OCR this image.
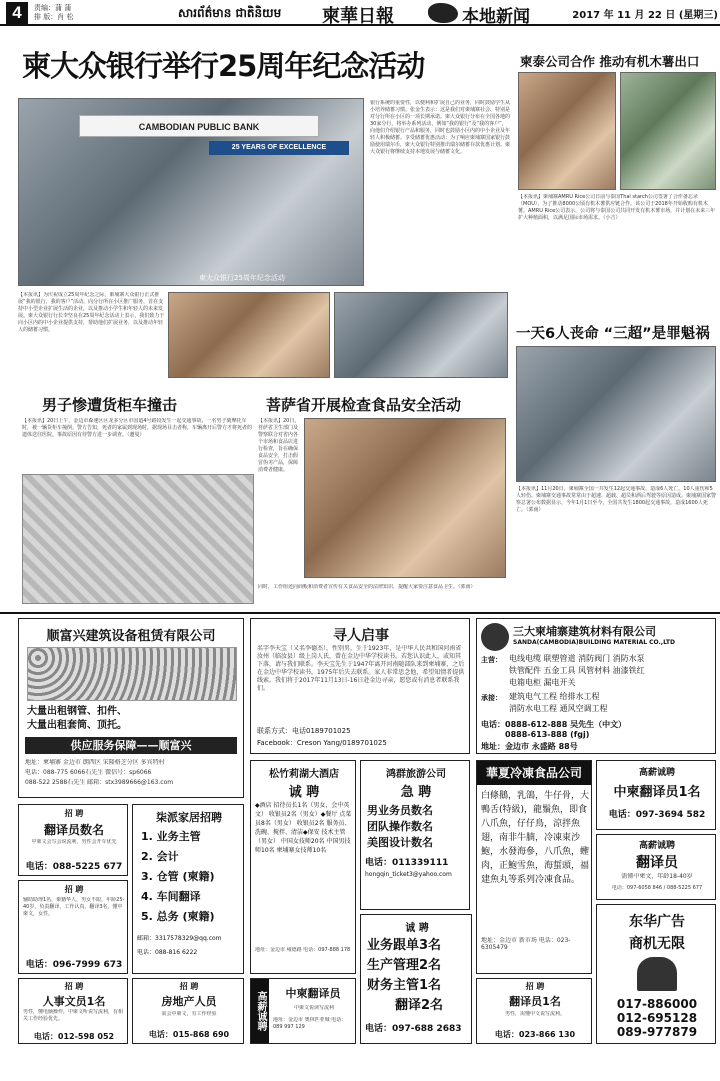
4	责编：蒲 蒲
排 版：肖 松	សារព័ត៌មាន ជាតិនិយម	柬華日報	本地新闻	2017 年 11 月 22 日 (星期三)
柬大众银行举行25周年纪念活动
CAMBODIAN PUBLIC BANK
25 YEARS OF EXCELLENCE
柬大众银行25周年纪念活动
银行系统的重要性，以便利和扩展自己的业务，同时鼓励学生从小培养储蓄习惯。张金生表示：这是我们对柬埔寨社会、特别是对分行所在小区的一项长期承诺。柬大众银行分布在全国各地的30家分行，将举办系列活动，例如“我的银行”及“我的客户”，向他们介绍银行产品和服务，同时也鼓励小区内的中小企业及年轻人积极储蓄。享受储蓄优惠活动：为了响应柬埔寨国家银行鼓励使用瑞尔币，柬大众银行特别推出瑞尔储蓄存款优惠计划。柬大众银行将继续支持本地发展与储蓄文化。
【本报讯】为庆祝成立25周年纪念之际，柬埔寨大众银行正式推展“我的银行，我的客户”活动。向分行所在小区推广服务，首在支持中小型企业扩展生活的企业，以及推动小学生和年轻人的未来发展。柬大众银行行长李坚良在25周年纪念活动上表示，我们致力于向小区内的中小企业提供支持，帮助他们扩展业务，以及推动年轻人的储蓄习惯。
柬泰公司合作 推动有机木薯出口
【本报讯】柬埔寨AMRU Rice公司日前与泰国Thai starch公司签署了合作备忘录（MOU），为了推动8000公顷有机木薯供应链合作。该公司于2018年开始收购有机木薯。AMRU Rice公司表示，公司将与泰国公司共同开发有机木薯市场，并计划在未来三年扩大种植面积，以满足国际市场需求。（小吉）
一天6人丧命 “三超”是罪魁祸
【本报讯】11月20日，柬埔寨全国一共发生12起交通事故，造成6人死亡，10人重伤和5人轻伤。柬埔寨交通事故常常由于超速、超载、超员和酒后驾驶等原因造成。柬埔寨国家警察总署公布数据显示，今年1月1日至今，全国共发生1800起交通事故，造成1600人死亡。（郭南）
男子惨遭货柜车撞击
【本报讯】20日上午，金边市森速区区龙多分区市国道4号路段发生一起交通事故，一名男子骑摩托车时，被一辆货柜车撞倒。警方告知，死者的家属到现场时，据现场目击者称，车辆离开后警方才将死者的遗体送往医院。事故原因有待警方进一步调查。（邀曼）
菩萨省开展检查食品安全活动
【本报讯】20日，菩萨省卫生部门及警察联合对省内各个市场和食品店进行检查，旨在确保食品安全，打击假冒伪劣产品，保障消费者健康。
同时，工作组还向商贩和消费者宣传有关食品安全的法律知识，提醒大家要注意食品卫生。（郭南）
顺富兴建筑设备租赁有限公司
大量出租钢管、扣件、
大量出租套筒、顶托。
供应服务保障——顺富兴
地址：柬埔寨 金边市 朗西区 宋隆格芝分区 多宾特村
电话：088-775 6066石先生 微信号：sp6066
088-522 2588石先生 邮箱：stx3989666@163.com
寻人启事
名字李天宝（又名李德杰），性别男，生于1923年，是中华人民共和国河南省汝州（临汝县）级上岗人氏，曾在金边中华学校读书。若您认识此人，或知其下落，请与我们联系。李天宝先生于1947年离开河南随部队来到柬埔寨，之后在金边中华学校读书，1975年后失去联系。家人非常思念他，希望知情者提供线索。我们将于2017年11月13日-16日赴金边寻亲，愿您或有消息者联系我们。
联系方式：电话0189701025
Facebook：Creson Yang/0189701025
三大柬埔寨建筑材料有限公司
SANDA(CAMBODIA)BUILDING MATERIAL CO.,LTD
主营： 电线电缆 联塑管道 消防阀门 消防水泵
铁管配件 五金工具 风管材料 油漆铁红
电箱电柜 漏电开关
承接： 建筑电气工程 给排水工程
消防水电工程 通风空调工程
电话：0888-612-888 吴先生（中文）
0888-613-888 (fgj)
地址：金边市 永盛路 88号
松竹莉湖大酒店
诚 聘
◆酒店 招待员长1名（男女，会中英文） 收银员2名（男女）◆餐厅 点菜员8名（男女） 收银员2名 服务员、洗碗、搅拌、清洁◆保安 技术主管（男女） 中国女技师20名 中国男技师10名 柬埔寨女技师10名
地址：金边市 雍德路 电话：097-888 178
鸿群旅游公司
急 聘
男业务员数名
团队操作数名
美图设计数名
电话：011339111
hongqin_ticket3@yahoo.com
華夏冷凍食品公司
白條鵝，乳鴿，牛仔骨，大鴨舌(特級)，龍鬚魚，即食八爪魚，仔仔鳥，涼拌魚翅，南非牛腩，冷凍東沙鮑，水發海參，八爪魚，蟶肉，正鮑雪魚，海蜇頭，福建魚丸等系列冷凍食品。
地址：金边市 新市场 电话：023-6305479
高薪诚聘
中柬翻译员1名
电话：097-3694 582
高薪诚聘
翻译员
需懂中柬文，年龄18-40岁
电话：097-6058 846 / 088-5225 677
招 聘
翻译员数名
中柬文会写会说流利，男性会开车优先
电话：088-5225 677
招 聘
辅助助理1名，柬籍华人，男女不限，年龄25-40岁，负责翻译，工作认真。翻译3名，懂中柬文，女性。
电话：096-7999 673
柒派家居招聘
1. 业务主管
2. 会计
3. 仓管 (柬籍)
4. 车间翻译
5. 总务 (柬籍)
邮箱：3317578329@qq.com
电话：088-816 6222
诚 聘
业务跟单3名
生产管理2名
财务主管1名
翻译2名
电话：097-688 2683
东华广告
商机无限
017-886000
012-695128
089-977879
招 聘
人事文员1名
男性，懂电脑操作，中柬文听说写流利，有相关工作经验优先。
电话：012-598 052
招 聘
房地产人员
需会中柬文，有工作经验
电话：015-868 690
高薪诚聘	中柬翻译员
中柬文说读写流利
地址：金边市 奥林匹亚城 电话：089 997 129
招 聘
翻译员1名
男性，需懂中文说写流利。
电话：023-866 130
